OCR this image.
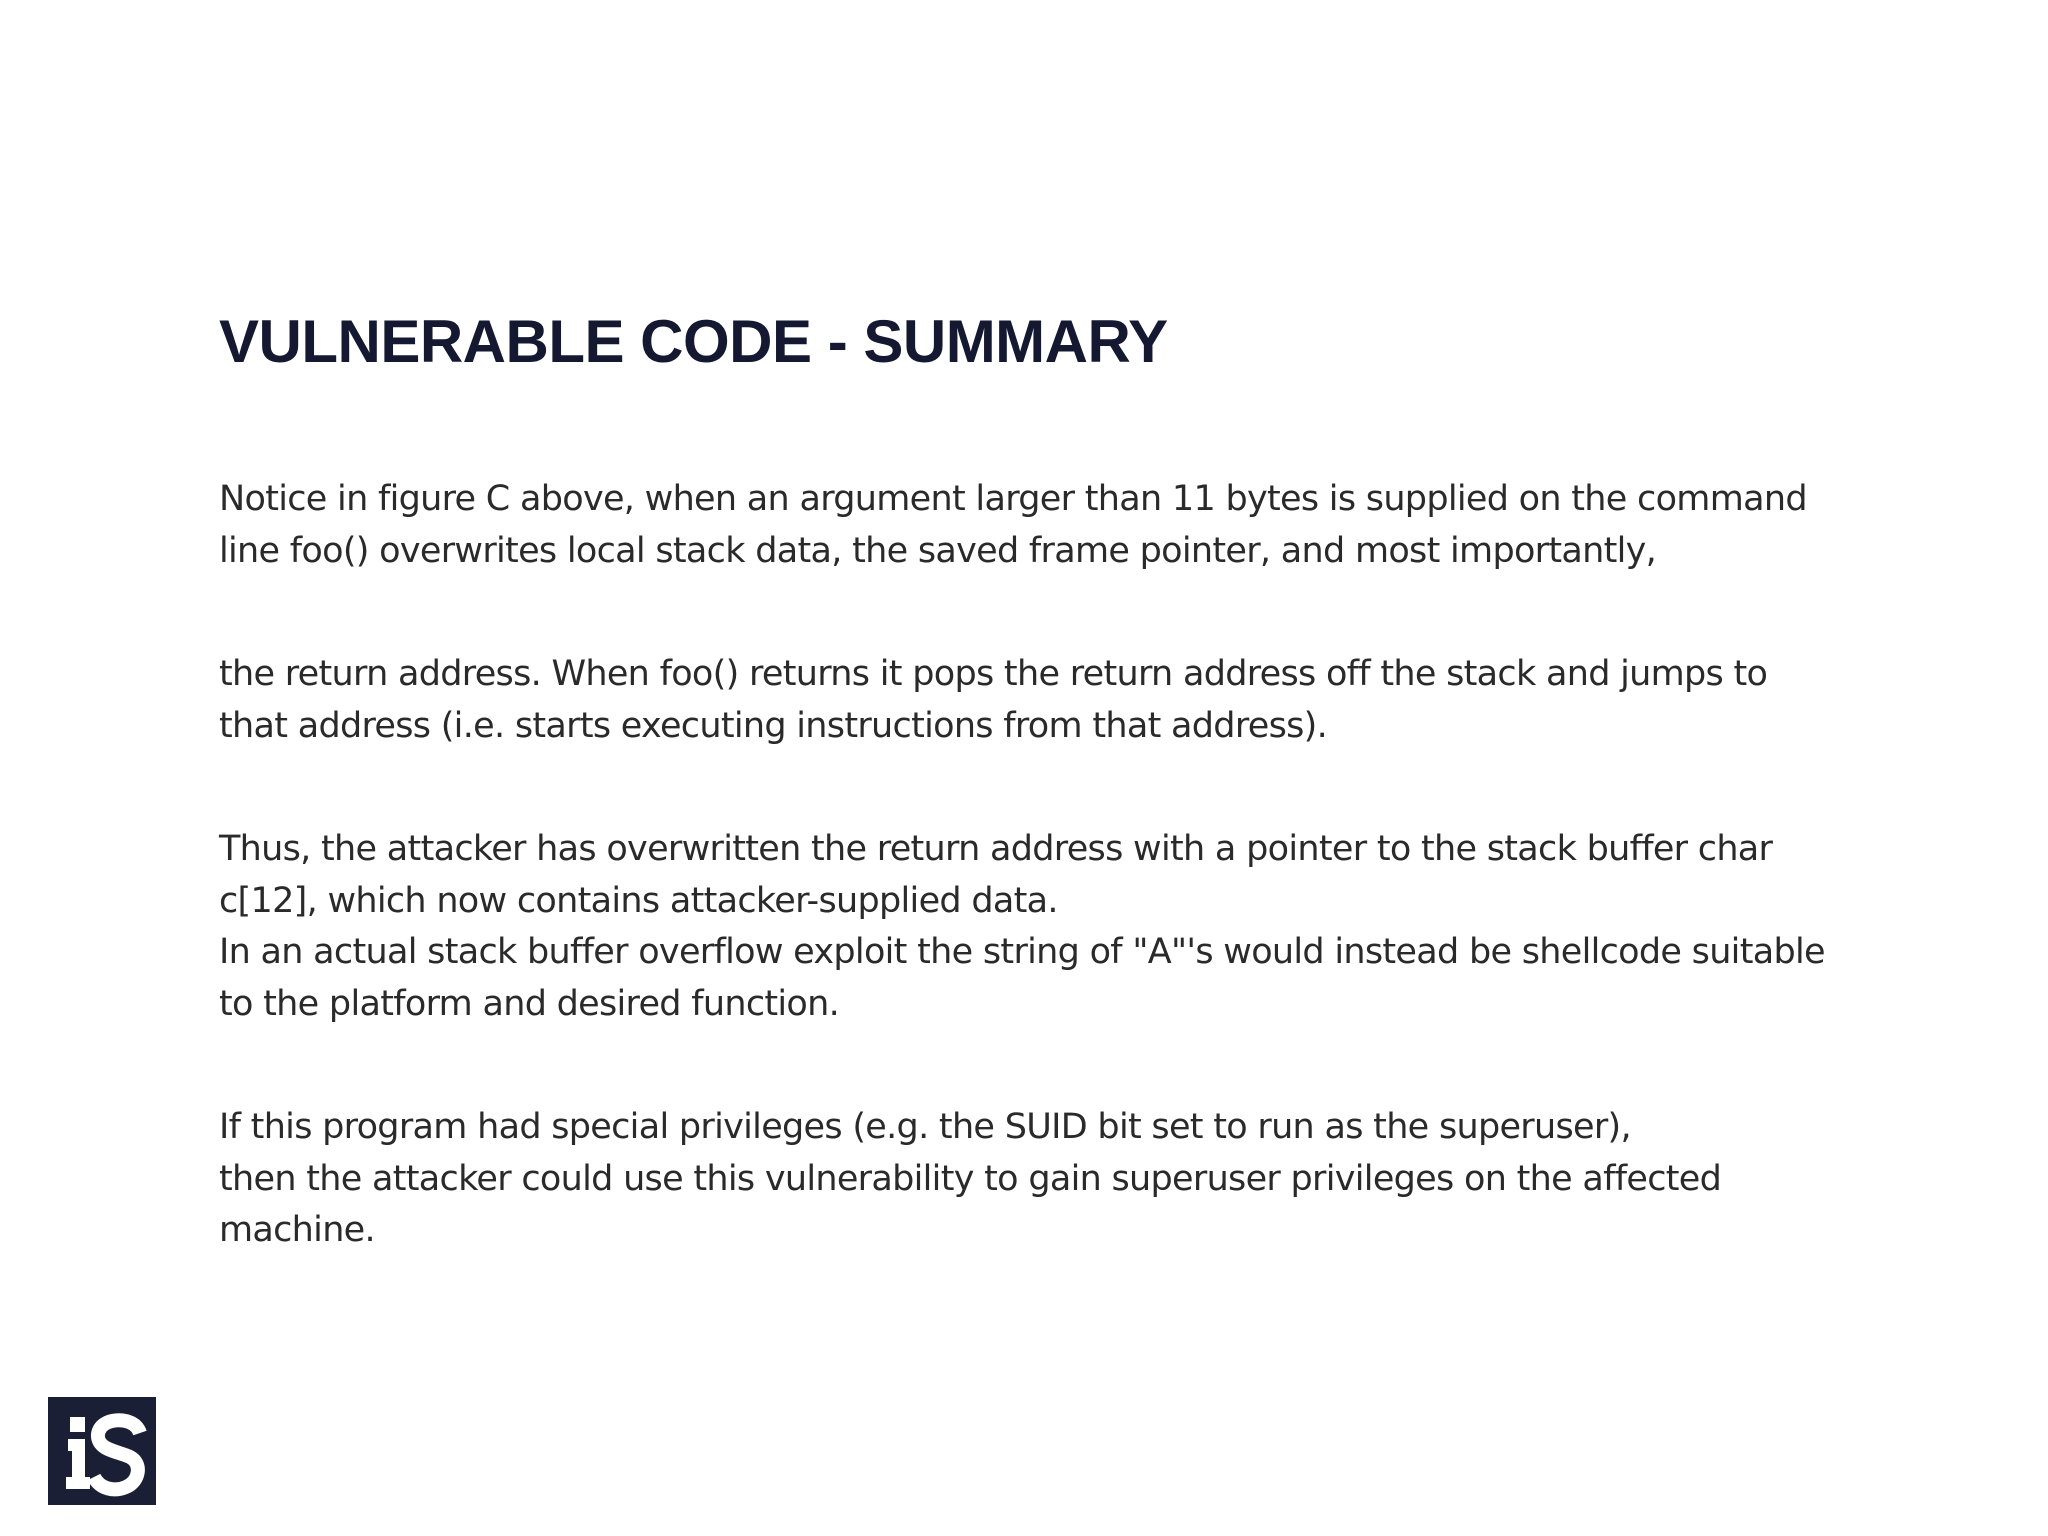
VULNERABLE CODE - SUMMARY

Notice in figure C above, when an argument larger than 11 bytes is supplied on the command
line foo() overwrites local stack data, the saved frame pointer, and most importantly,

the return address. When foo() returns it pops the return address off the stack and jumps to
that address (i.e. starts executing instructions from that address).

Thus, the attacker has overwritten the return address with a pointer to the stack buffer char
c[12], which now contains attacker-supplied data.
In an actual stack buffer overflow exploit the string of "A"'s would instead be shellcode suitable
to the platform and desired function.

If this program had special privileges (e.g. the SUID bit set to run as the superuser),
then the attacker could use this vulnerability to gain superuser privileges on the affected
machine.
